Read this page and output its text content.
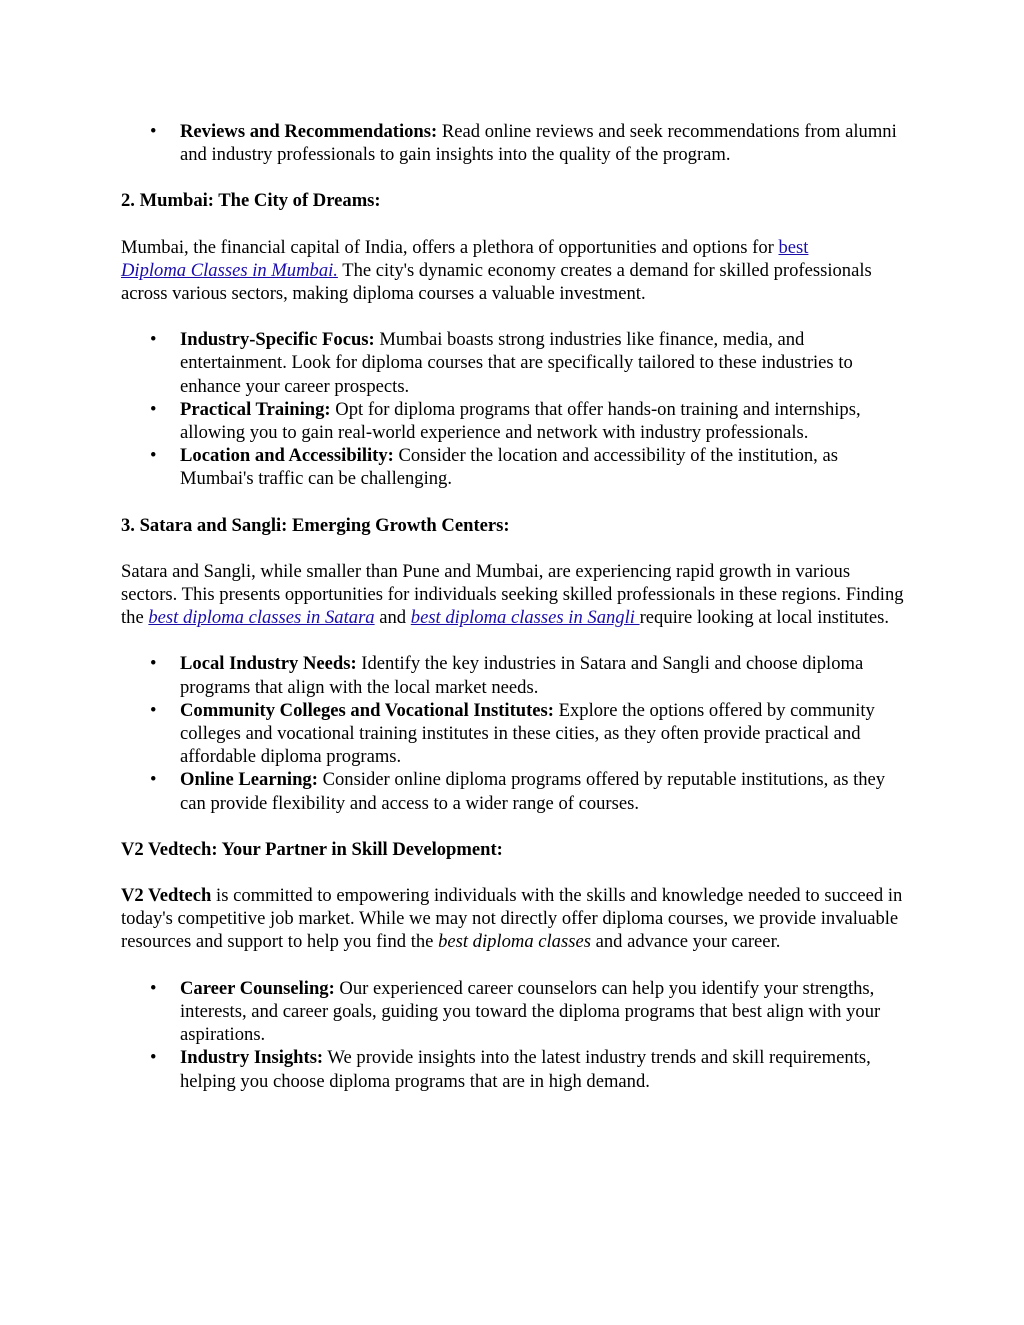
• Reviews and Recommendations: Read online reviews and seek recommendations from alumni and industry professionals to gain insights into the quality of the program.

2. Mumbai: The City of Dreams:

Mumbai, the financial capital of India, offers a plethora of opportunities and options for best
Diploma Classes in Mumbai. The city's dynamic economy creates a demand for skilled professionals across various sectors, making diploma courses a valuable investment.

• Industry-Specific Focus: Mumbai boasts strong industries like finance, media, and entertainment. Look for diploma courses that are specifically tailored to these industries to enhance your career prospects.
• Practical Training: Opt for diploma programs that offer hands-on training and internships, allowing you to gain real-world experience and network with industry professionals.
• Location and Accessibility: Consider the location and accessibility of the institution, as Mumbai's traffic can be challenging.

3. Satara and Sangli: Emerging Growth Centers:

Satara and Sangli, while smaller than Pune and Mumbai, are experiencing rapid growth in various sectors. This presents opportunities for individuals seeking skilled professionals in these regions. Finding the best diploma classes in Satara and best diploma classes in Sangli require looking at local institutes.

• Local Industry Needs: Identify the key industries in Satara and Sangli and choose diploma programs that align with the local market needs.
• Community Colleges and Vocational Institutes: Explore the options offered by community colleges and vocational training institutes in these cities, as they often provide practical and affordable diploma programs.
• Online Learning: Consider online diploma programs offered by reputable institutions, as they can provide flexibility and access to a wider range of courses.

V2 Vedtech: Your Partner in Skill Development:

V2 Vedtech is committed to empowering individuals with the skills and knowledge needed to succeed in today's competitive job market. While we may not directly offer diploma courses, we provide invaluable resources and support to help you find the best diploma classes and advance your career.

• Career Counseling: Our experienced career counselors can help you identify your strengths, interests, and career goals, guiding you toward the diploma programs that best align with your aspirations.
• Industry Insights: We provide insights into the latest industry trends and skill requirements, helping you choose diploma programs that are in high demand.
